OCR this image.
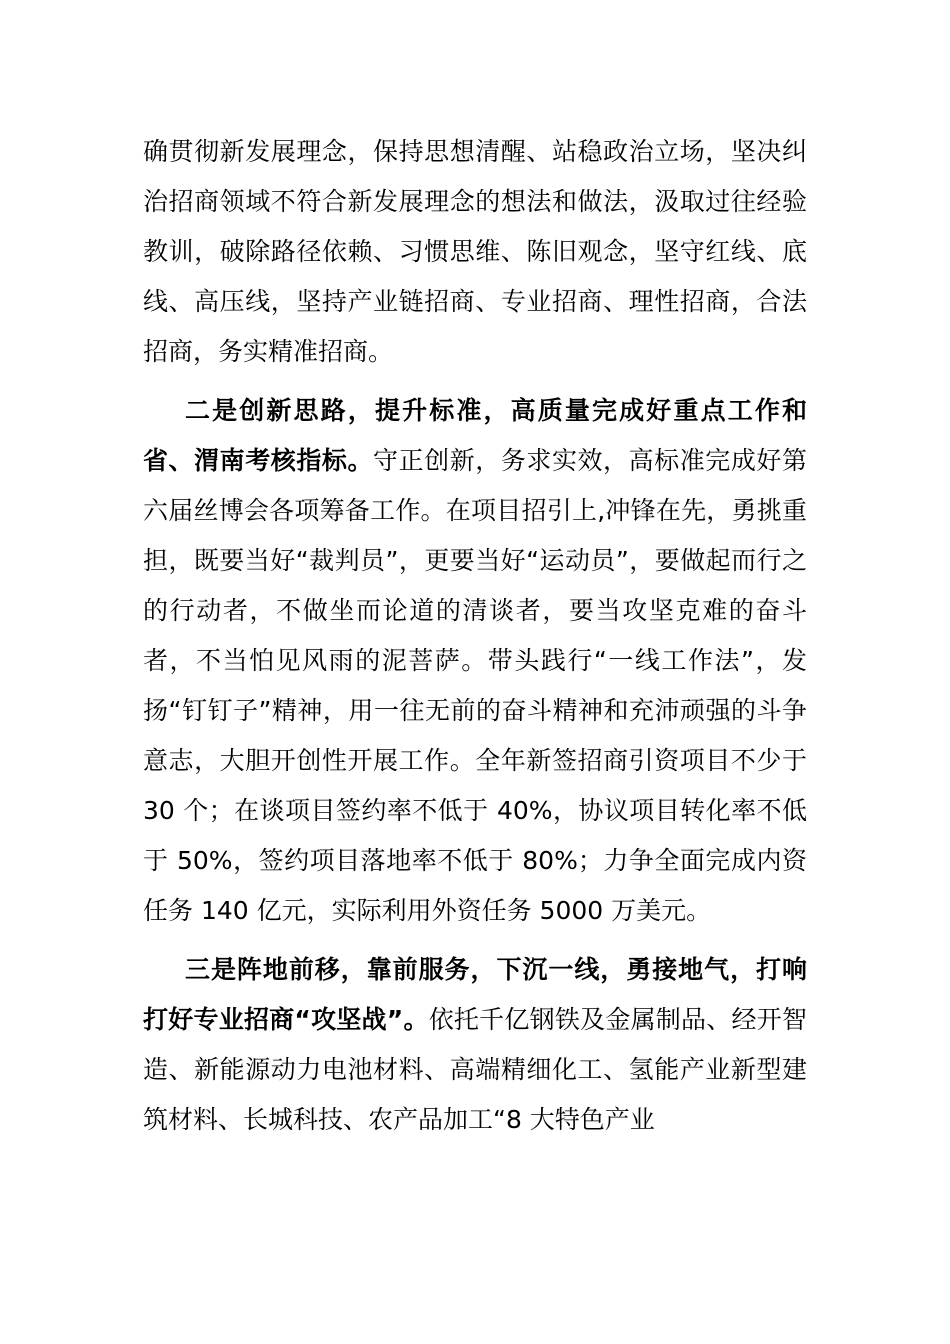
确贯彻新发展理念，保持思想清醒、站稳政治立场，坚决纠治招商领域不符合新发展理念的想法和做法，汲取过往经验教训，破除路径依赖、习惯思维、陈旧观念，坚守红线、底线、高压线，坚持产业链招商、专业招商、理性招商，合法招商，务实精准招商。

二是创新思路，提升标准，高质量完成好重点工作和省、渭南考核指标。守正创新，务求实效，高标准完成好第六届丝博会各项筹备工作。在项目招引上,冲锋在先，勇挑重担，既要当好“裁判员”，更要当好“运动员”，要做起而行之的行动者，不做坐而论道的清谈者，要当攻坚克难的奋斗者，不当怕见风雨的泥菩萨。带头践行“一线工作法”，发扬“钉钉子”精神，用一往无前的奋斗精神和充沛顽强的斗争意志，大胆开创性开展工作。全年新签招商引资项目不少于 30 个；在谈项目签约率不低于 40%，协议项目转化率不低于 50%，签约项目落地率不低于 80%；力争全面完成内资任务 140 亿元，实际利用外资任务 5000 万美元。

三是阵地前移，靠前服务，下沉一线，勇接地气，打响打好专业招商“攻坚战”。依托千亿钢铁及金属制品、经开智造、新能源动力电池材料、高端精细化工、氢能产业新型建筑材料、长城科技、农产品加工“8 大特色产业
